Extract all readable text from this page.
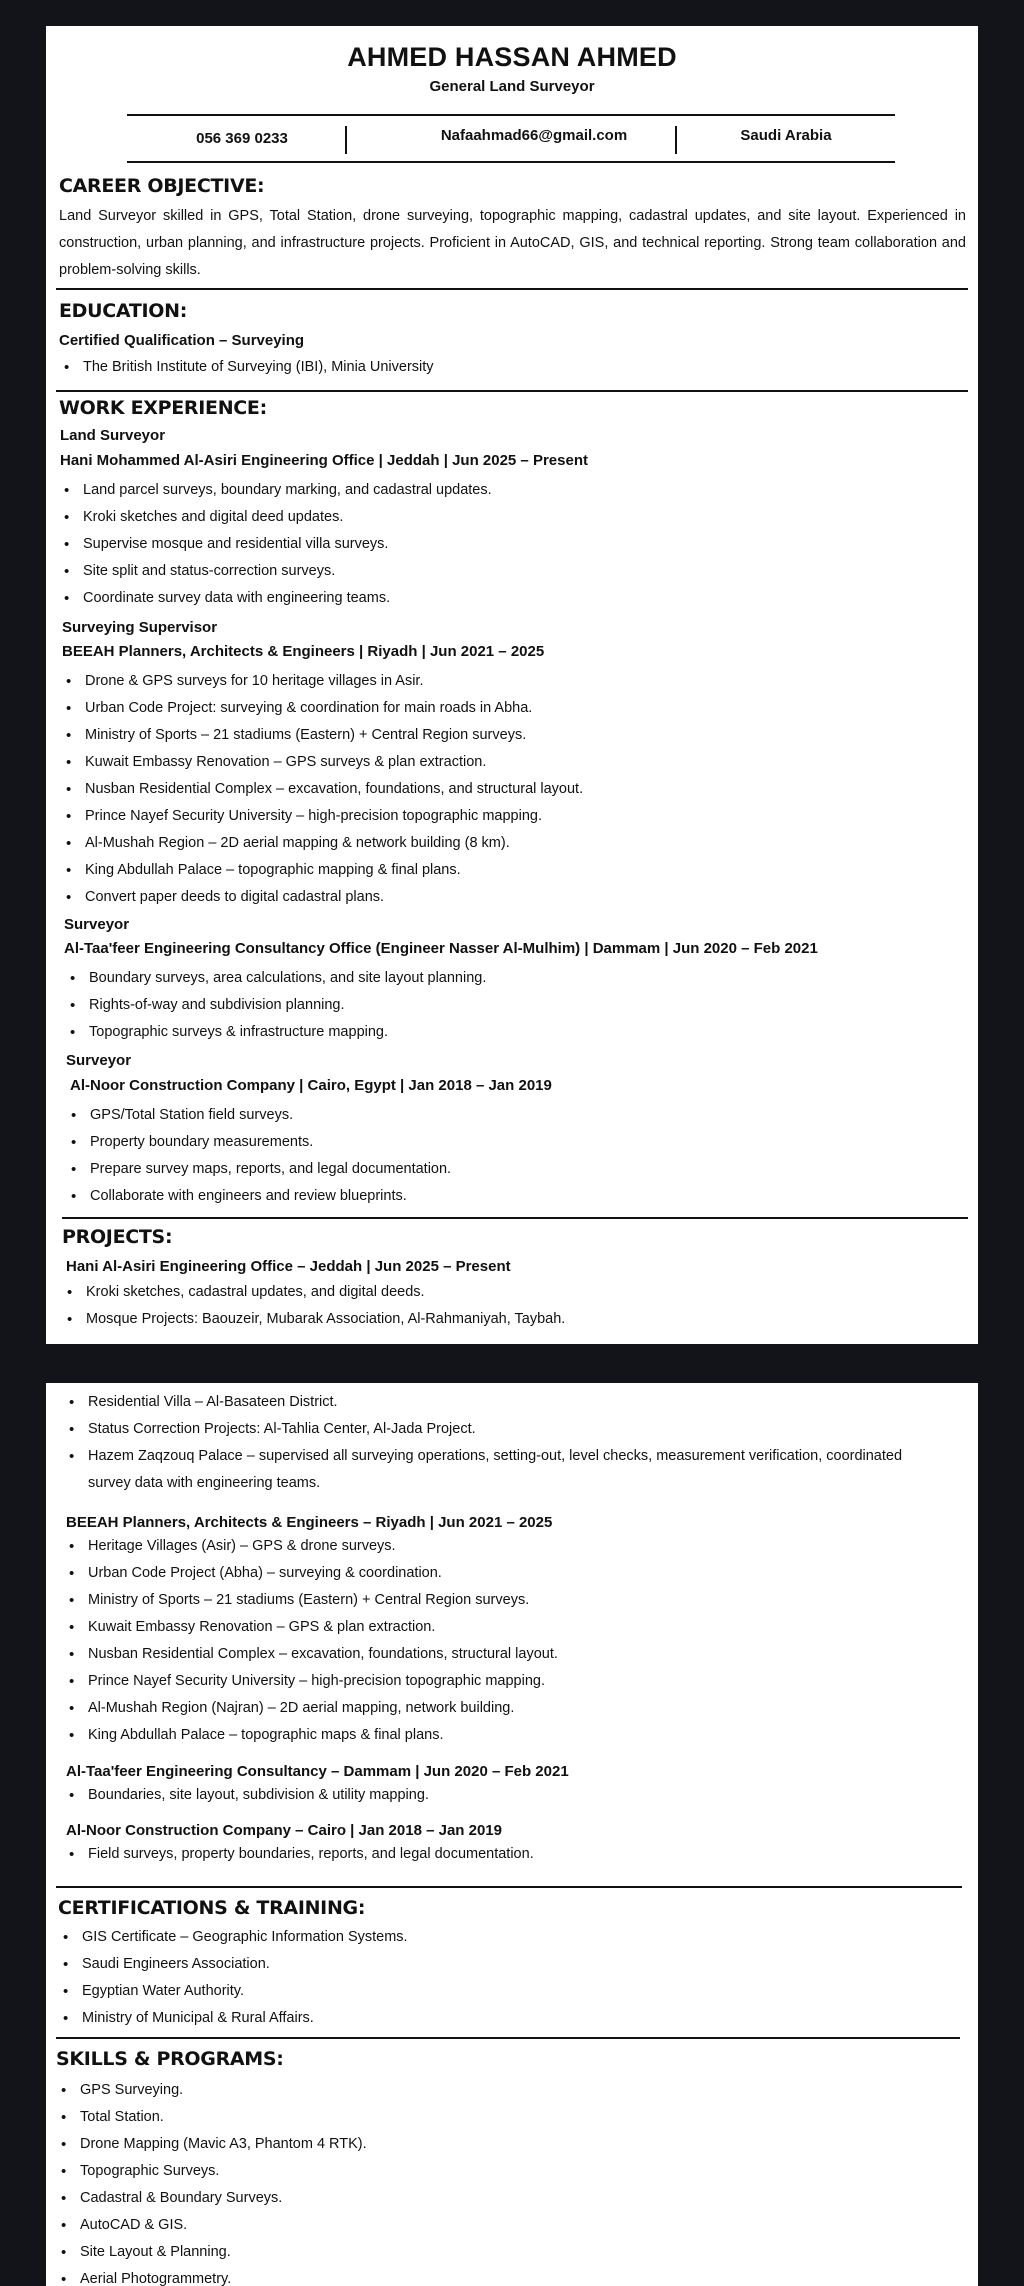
AHMED HASSAN AHMED
General Land Surveyor
056 369 0233	Nafaahmad66@gmail.com	Saudi Arabia
CAREER OBJECTIVE:
Land Surveyor skilled in GPS, Total Station, drone surveying, topographic mapping, cadastral updates, and site layout. Experienced in construction, urban planning, and infrastructure projects. Proficient in AutoCAD, GIS, and technical reporting. Strong team collaboration and problem-solving skills.
EDUCATION:
Certified Qualification – Surveying
• The British Institute of Surveying (IBI), Minia University
WORK EXPERIENCE:
Land Surveyor
Hani Mohammed Al-Asiri Engineering Office | Jeddah | Jun 2025 – Present
• Land parcel surveys, boundary marking, and cadastral updates.
• Kroki sketches and digital deed updates.
• Supervise mosque and residential villa surveys.
• Site split and status-correction surveys.
• Coordinate survey data with engineering teams.
Surveying Supervisor
BEEAH Planners, Architects & Engineers | Riyadh | Jun 2021 – 2025
• Drone & GPS surveys for 10 heritage villages in Asir.
• Urban Code Project: surveying & coordination for main roads in Abha.
• Ministry of Sports – 21 stadiums (Eastern) + Central Region surveys.
• Kuwait Embassy Renovation – GPS surveys & plan extraction.
• Nusban Residential Complex – excavation, foundations, and structural layout.
• Prince Nayef Security University – high-precision topographic mapping.
• Al-Mushah Region – 2D aerial mapping & network building (8 km).
• King Abdullah Palace – topographic mapping & final plans.
• Convert paper deeds to digital cadastral plans.
Surveyor
Al-Taa'feer Engineering Consultancy Office (Engineer Nasser Al-Mulhim) | Dammam | Jun 2020 – Feb 2021
• Boundary surveys, area calculations, and site layout planning.
• Rights-of-way and subdivision planning.
• Topographic surveys & infrastructure mapping.
Surveyor
Al-Noor Construction Company | Cairo, Egypt | Jan 2018 – Jan 2019
• GPS/Total Station field surveys.
• Property boundary measurements.
• Prepare survey maps, reports, and legal documentation.
• Collaborate with engineers and review blueprints.
PROJECTS:
Hani Al-Asiri Engineering Office – Jeddah | Jun 2025 – Present
• Kroki sketches, cadastral updates, and digital deeds.
• Mosque Projects: Baouzeir, Mubarak Association, Al-Rahmaniyah, Taybah.
• Residential Villa – Al-Basateen District.
• Status Correction Projects: Al-Tahlia Center, Al-Jada Project.
• Hazem Zaqzouq Palace – supervised all surveying operations, setting-out, level checks, measurement verification, coordinated survey data with engineering teams.
BEEAH Planners, Architects & Engineers – Riyadh | Jun 2021 – 2025
• Heritage Villages (Asir) – GPS & drone surveys.
• Urban Code Project (Abha) – surveying & coordination.
• Ministry of Sports – 21 stadiums (Eastern) + Central Region surveys.
• Kuwait Embassy Renovation – GPS & plan extraction.
• Nusban Residential Complex – excavation, foundations, structural layout.
• Prince Nayef Security University – high-precision topographic mapping.
• Al-Mushah Region (Najran) – 2D aerial mapping, network building.
• King Abdullah Palace – topographic maps & final plans.
Al-Taa'feer Engineering Consultancy – Dammam | Jun 2020 – Feb 2021
• Boundaries, site layout, subdivision & utility mapping.
Al-Noor Construction Company – Cairo | Jan 2018 – Jan 2019
• Field surveys, property boundaries, reports, and legal documentation.
CERTIFICATIONS & TRAINING:
• GIS Certificate – Geographic Information Systems.
• Saudi Engineers Association.
• Egyptian Water Authority.
• Ministry of Municipal & Rural Affairs.
SKILLS & PROGRAMS:
• GPS Surveying.
• Total Station.
• Drone Mapping (Mavic A3, Phantom 4 RTK).
• Topographic Surveys.
• Cadastral & Boundary Surveys.
• AutoCAD & GIS.
• Site Layout & Planning.
• Aerial Photogrammetry.
